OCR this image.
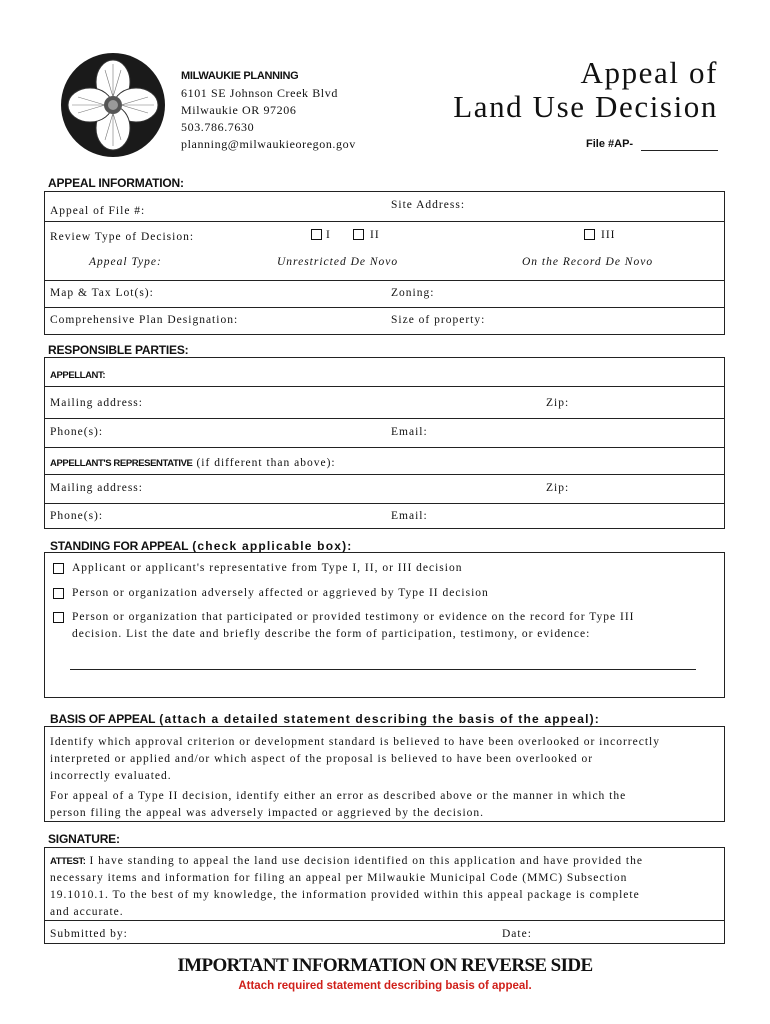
MILWAUKIE PLANNING
6101 SE Johnson Creek Blvd
Milwaukie OR 97206
503.786.7630
planning@milwaukieoregon.gov
Appeal of
Land Use Decision
File #AP-
APPEAL INFORMATION:
Appeal of File #:	Site Address:
Review Type of Decision:	I	II	III
Appeal Type:	Unrestricted De Novo	On the Record De Novo
Map & Tax Lot(s):	Zoning:
Comprehensive Plan Designation:	Size of property:
RESPONSIBLE PARTIES:
APPELLANT:
Mailing address:	Zip:
Phone(s):	Email:
APPELLANT'S REPRESENTATIVE (if different than above):
Mailing address:	Zip:
Phone(s):	Email:
STANDING FOR APPEAL (check applicable box):
Applicant or applicant's representative from Type I, II, or III decision
Person or organization adversely affected or aggrieved by Type II decision
Person or organization that participated or provided testimony or evidence on the record for Type III
decision. List the date and briefly describe the form of participation, testimony, or evidence:
BASIS OF APPEAL (attach a detailed statement describing the basis of the appeal):
Identify which approval criterion or development standard is believed to have been overlooked or incorrectly
interpreted or applied and/or which aspect of the proposal is believed to have been overlooked or
incorrectly evaluated.
For appeal of a Type II decision, identify either an error as described above or the manner in which the
person filing the appeal was adversely impacted or aggrieved by the decision.
SIGNATURE:
ATTEST: I have standing to appeal the land use decision identified on this application and have provided the
necessary items and information for filing an appeal per Milwaukie Municipal Code (MMC) Subsection
19.1010.1. To the best of my knowledge, the information provided within this appeal package is complete
and accurate.
Submitted by:	Date:
IMPORTANT INFORMATION ON REVERSE SIDE
Attach required statement describing basis of appeal.
